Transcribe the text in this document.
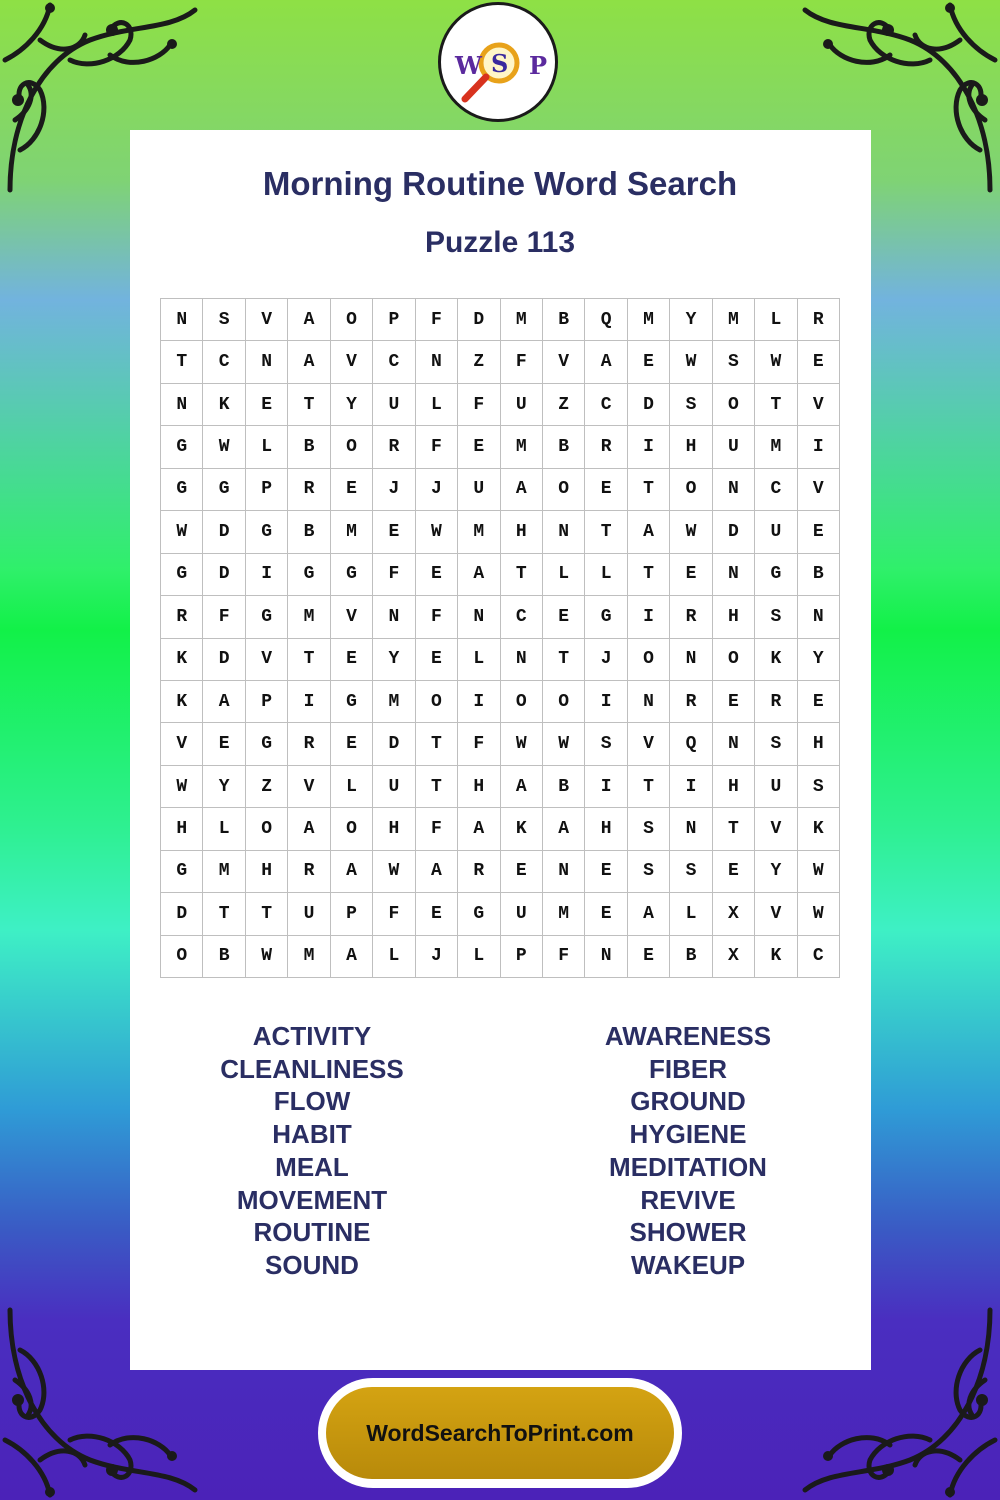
W S P
Morning Routine Word Search
Puzzle 113
N	S	V	A	O	P	F	D	M	B	Q	M	Y	M	L	R
T	C	N	A	V	C	N	Z	F	V	A	E	W	S	W	E
N	K	E	T	Y	U	L	F	U	Z	C	D	S	O	T	V
G	W	L	B	O	R	F	E	M	B	R	I	H	U	M	I
G	G	P	R	E	J	J	U	A	O	E	T	O	N	C	V
W	D	G	B	M	E	W	M	H	N	T	A	W	D	U	E
G	D	I	G	G	F	E	A	T	L	L	T	E	N	G	B
R	F	G	M	V	N	F	N	C	E	G	I	R	H	S	N
K	D	V	T	E	Y	E	L	N	T	J	O	N	O	K	Y
K	A	P	I	G	M	O	I	O	O	I	N	R	E	R	E
V	E	G	R	E	D	T	F	W	W	S	V	Q	N	S	H
W	Y	Z	V	L	U	T	H	A	B	I	T	I	H	U	S
H	L	O	A	O	H	F	A	K	A	H	S	N	T	V	K
G	M	H	R	A	W	A	R	E	N	E	S	S	E	Y	W
D	T	T	U	P	F	E	G	U	M	E	A	L	X	V	W
O	B	W	M	A	L	J	L	P	F	N	E	B	X	K	C
ACTIVITY
CLEANLINESS
FLOW
HABIT
MEAL
MOVEMENT
ROUTINE
SOUND
AWARENESS
FIBER
GROUND
HYGIENE
MEDITATION
REVIVE
SHOWER
WAKEUP
WordSearchToPrint.com
